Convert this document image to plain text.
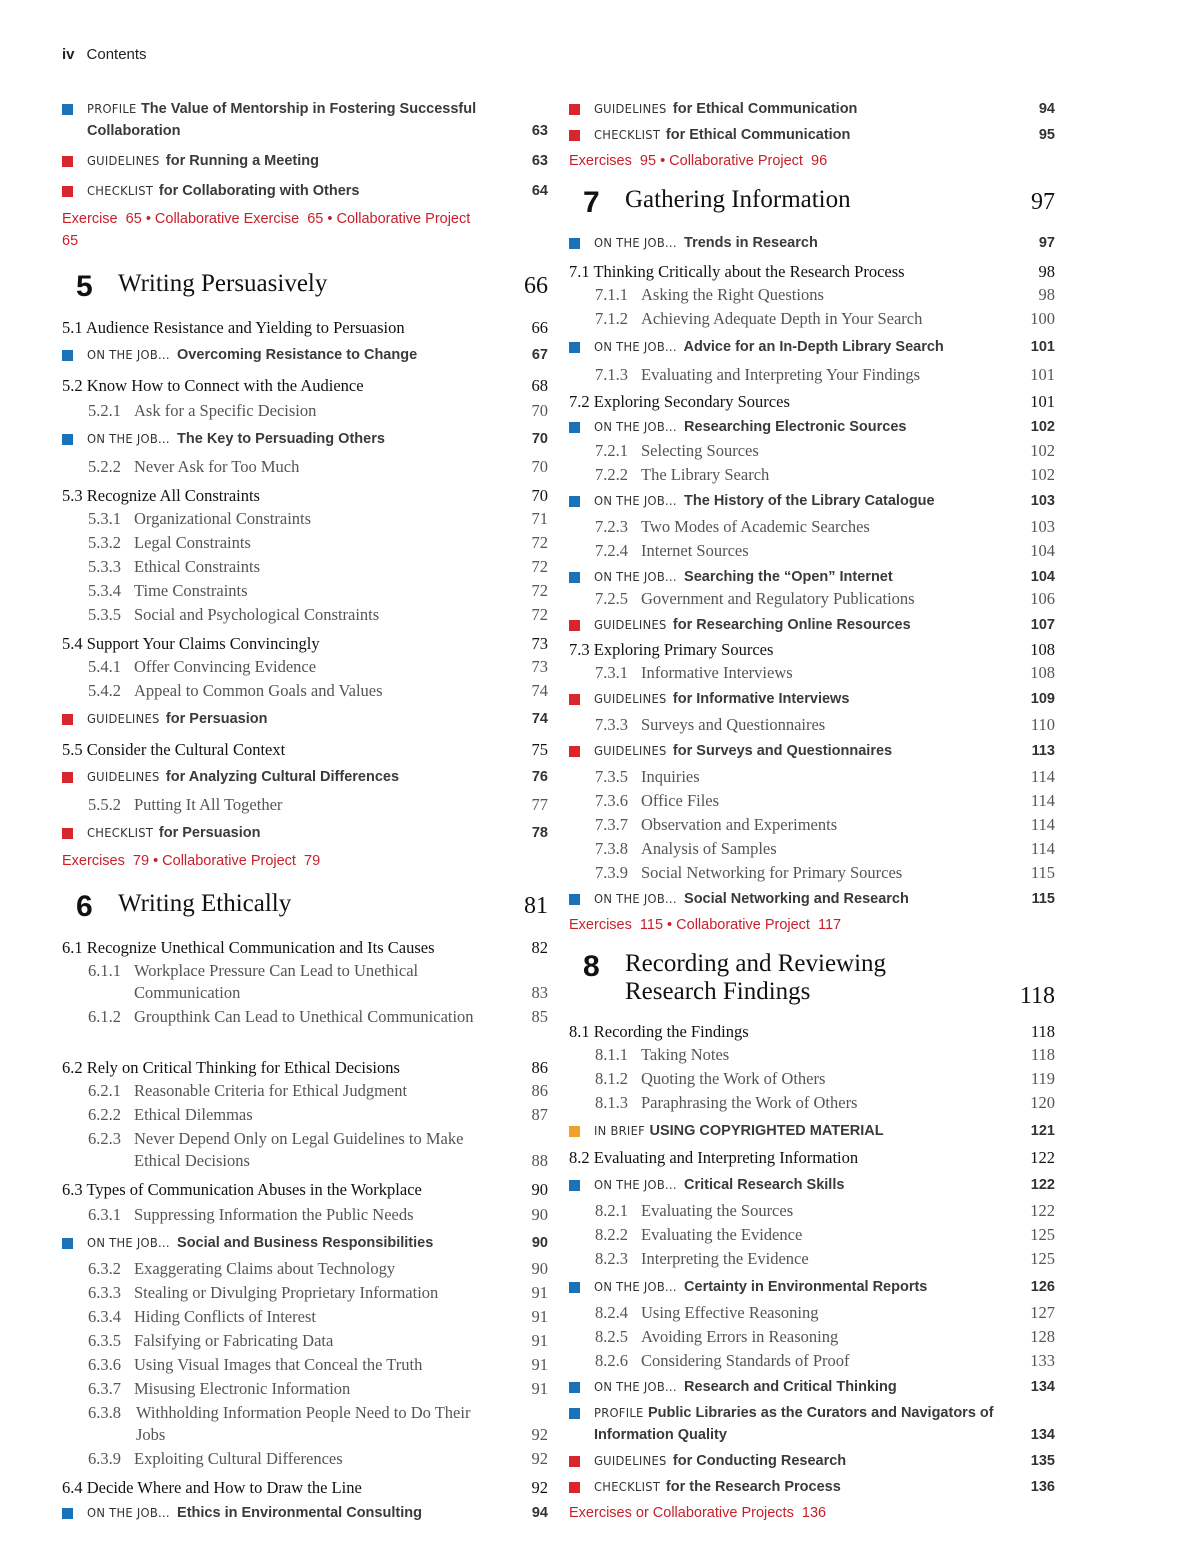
iv Contents
PROFILE The Value of Mentorship in Fostering Successful Collaboration	63
GUIDELINES for Running a Meeting	63
CHECKLIST for Collaborating with Others	64
Exercise  65 • Collaborative Exercise  65 • Collaborative Project  65
5 Writing Persuasively	66
5.1 Audience Resistance and Yielding to Persuasion	66
ON THE JOB... Overcoming Resistance to Change	67
5.2 Know How to Connect with the Audience	68
5.2.1 Ask for a Specific Decision	70
ON THE JOB... The Key to Persuading Others	70
5.2.2 Never Ask for Too Much	70
5.3 Recognize All Constraints	70
5.3.1 Organizational Constraints	71
5.3.2 Legal Constraints	72
5.3.3 Ethical Constraints	72
5.3.4 Time Constraints	72
5.3.5 Social and Psychological Constraints	72
5.4 Support Your Claims Convincingly	73
5.4.1 Offer Convincing Evidence	73
5.4.2 Appeal to Common Goals and Values	74
GUIDELINES for Persuasion	74
5.5 Consider the Cultural Context	75
GUIDELINES for Analyzing Cultural Differences	76
5.5.2 Putting It All Together	77
CHECKLIST for Persuasion	78
Exercises  79 • Collaborative Project  79
6 Writing Ethically	81
6.1 Recognize Unethical Communication and Its Causes	82
6.1.1 Workplace Pressure Can Lead to Unethical Communication	83
6.1.2 Groupthink Can Lead to Unethical Communication	85
6.2 Rely on Critical Thinking for Ethical Decisions	86
6.2.1 Reasonable Criteria for Ethical Judgment	86
6.2.2 Ethical Dilemmas	87
6.2.3 Never Depend Only on Legal Guidelines to Make Ethical Decisions	88
6.3 Types of Communication Abuses in the Workplace	90
6.3.1 Suppressing Information the Public Needs	90
ON THE JOB... Social and Business Responsibilities	90
6.3.2 Exaggerating Claims about Technology	90
6.3.3 Stealing or Divulging Proprietary Information	91
6.3.4 Hiding Conflicts of Interest	91
6.3.5 Falsifying or Fabricating Data	91
6.3.6 Using Visual Images that Conceal the Truth	91
6.3.7 Misusing Electronic Information	91
6.3.8 Withholding Information People Need to Do Their Jobs	92
6.3.9 Exploiting Cultural Differences	92
6.4 Decide Where and How to Draw the Line	92
ON THE JOB... Ethics in Environmental Consulting	94
GUIDELINES for Ethical Communication	94
CHECKLIST for Ethical Communication	95
Exercises  95 • Collaborative Project  96
7 Gathering Information	97
ON THE JOB... Trends in Research	97
7.1 Thinking Critically about the Research Process	98
7.1.1 Asking the Right Questions	98
7.1.2 Achieving Adequate Depth in Your Search	100
ON THE JOB... Advice for an In-Depth Library Search	101
7.1.3 Evaluating and Interpreting Your Findings	101
7.2 Exploring Secondary Sources	101
ON THE JOB... Researching Electronic Sources	102
7.2.1 Selecting Sources	102
7.2.2 The Library Search	102
ON THE JOB... The History of the Library Catalogue	103
7.2.3 Two Modes of Academic Searches	103
7.2.4 Internet Sources	104
ON THE JOB... Searching the “Open” Internet	104
7.2.5 Government and Regulatory Publications	106
GUIDELINES for Researching Online Resources	107
7.3 Exploring Primary Sources	108
7.3.1 Informative Interviews	108
GUIDELINES for Informative Interviews	109
7.3.3 Surveys and Questionnaires	110
GUIDELINES for Surveys and Questionnaires	113
7.3.5 Inquiries	114
7.3.6 Office Files	114
7.3.7 Observation and Experiments	114
7.3.8 Analysis of Samples	114
7.3.9 Social Networking for Primary Sources	115
ON THE JOB... Social Networking and Research	115
Exercises  115 • Collaborative Project  117
8 Recording and Reviewing
Research Findings	118
8.1 Recording the Findings	118
8.1.1 Taking Notes	118
8.1.2 Quoting the Work of Others	119
8.1.3 Paraphrasing the Work of Others	120
IN BRIEF USING COPYRIGHTED MATERIAL	121
8.2 Evaluating and Interpreting Information	122
ON THE JOB... Critical Research Skills	122
8.2.1 Evaluating the Sources	122
8.2.2 Evaluating the Evidence	125
8.2.3 Interpreting the Evidence	125
ON THE JOB... Certainty in Environmental Reports	126
8.2.4 Using Effective Reasoning	127
8.2.5 Avoiding Errors in Reasoning	128
8.2.6 Considering Standards of Proof	133
ON THE JOB... Research and Critical Thinking	134
PROFILE Public Libraries as the Curators and Navigators of Information Quality	134
GUIDELINES for Conducting Research	135
CHECKLIST for the Research Process	136
Exercises or Collaborative Projects  136
